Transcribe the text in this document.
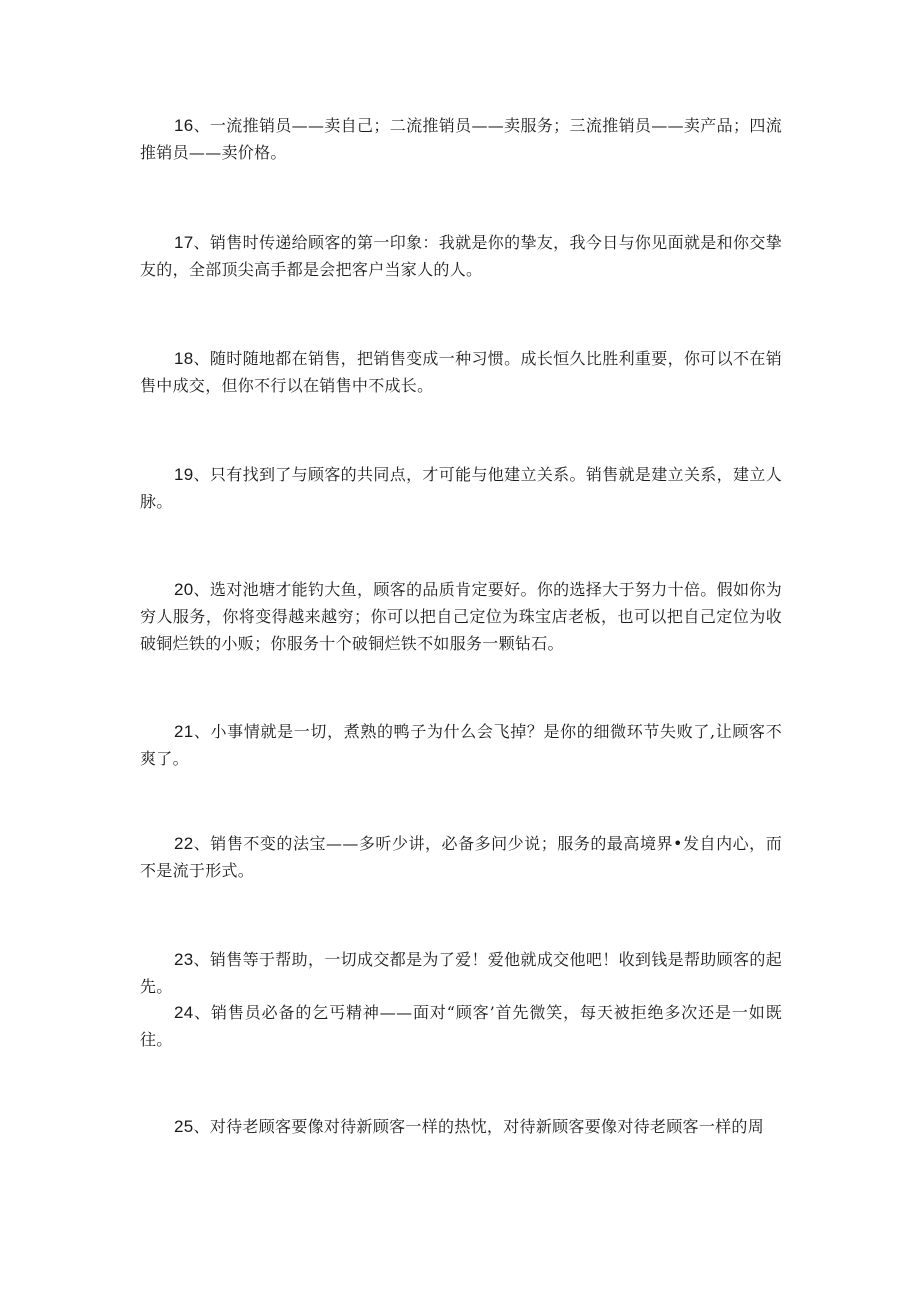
16、一流推销员——卖自己；二流推销员——卖服务；三流推销员——卖产品；四流推销员——卖价格。

17、销售时传递给顾客的第一印象：我就是你的挚友，我今日与你见面就是和你交挚友的，全部顶尖高手都是会把客户当家人的人。

18、随时随地都在销售，把销售变成一种习惯。成长恒久比胜利重要，你可以不在销售中成交，但你不行以在销售中不成长。

19、只有找到了与顾客的共同点，才可能与他建立关系。销售就是建立关系，建立人脉。

20、选对池塘才能钓大鱼，顾客的品质肯定要好。你的选择大于努力十倍。假如你为穷人服务，你将变得越来越穷；你可以把自己定位为珠宝店老板，也可以把自己定位为收破铜烂铁的小贩；你服务十个破铜烂铁不如服务一颗钻石。

21、小事情就是一切，煮熟的鸭子为什么会飞掉？是你的细微环节失败了,让顾客不爽了。

22、销售不变的法宝——多听少讲，必备多问少说；服务的最高境界•发自内心，而不是流于形式。

23、销售等于帮助，一切成交都是为了爱！爱他就成交他吧！收到钱是帮助顾客的起先。

24、销售员必备的乞丐精神——面对“顾客’首先微笑，每天被拒绝多次还是一如既往。

25、对待老顾客要像对待新顾客一样的热忱，对待新顾客要像对待老顾客一样的周
